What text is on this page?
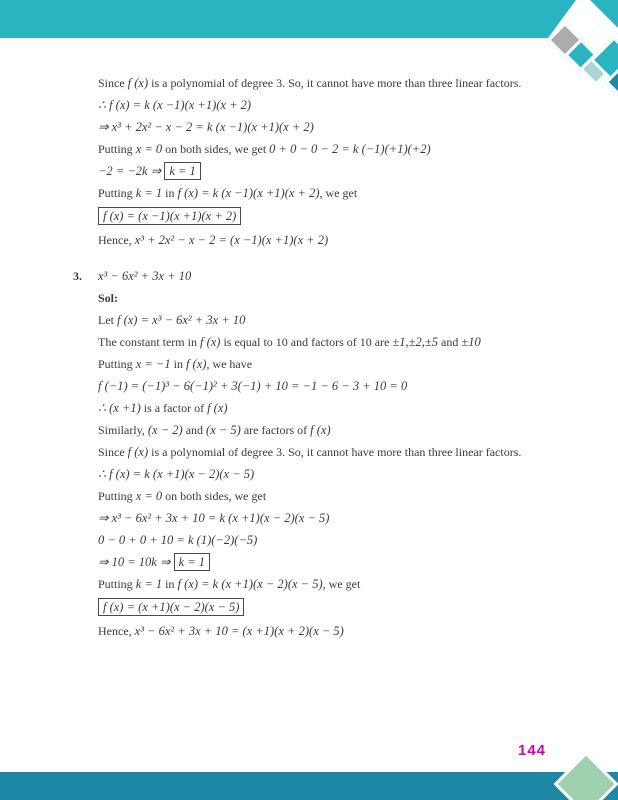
Since f (x) is a polynomial of degree 3. So, it cannot have more than three linear factors.
∴ f (x) = k (x −1)(x +1)(x + 2)
⇒ x³ + 2x² − x − 2 = k (x −1)(x +1)(x + 2)
Putting x = 0 on both sides, we get 0 + 0 − 0 − 2 = k (−1)(+1)(+2)
−2 = −2k ⇒ k = 1
Putting k = 1 in f (x) = k (x −1)(x +1)(x + 2), we get
f (x) = (x −1)(x +1)(x + 2)
Hence, x³ + 2x² − x − 2 = (x −1)(x +1)(x + 2)
3. x³ − 6x² + 3x + 10
Sol:
Let f (x) = x³ − 6x² + 3x + 10
The constant term in f (x) is equal to 10 and factors of 10 are ±1,±2,±5 and ±10
Putting x = −1 in f (x), we have
f (−1) = (−1)³ − 6(−1)² + 3(−1) + 10 = −1 − 6 − 3 + 10 = 0
∴ (x +1) is a factor of f (x)
Similarly, (x − 2) and (x − 5) are factors of f (x)
Since f (x) is a polynomial of degree 3. So, it cannot have more than three linear factors.
∴ f (x) = k (x +1)(x − 2)(x − 5)
Putting x = 0 on both sides, we get
⇒ x³ − 6x² + 3x + 10 = k (x +1)(x − 2)(x − 5)
0 − 0 + 0 + 10 = k (1)(−2)(−5)
⇒ 10 = 10k ⇒ k = 1
Putting k = 1 in f (x) = k (x +1)(x − 2)(x − 5), we get
f (x) = (x +1)(x − 2)(x − 5)
Hence, x³ − 6x² + 3x + 10 = (x +1)(x + 2)(x − 5)
144
